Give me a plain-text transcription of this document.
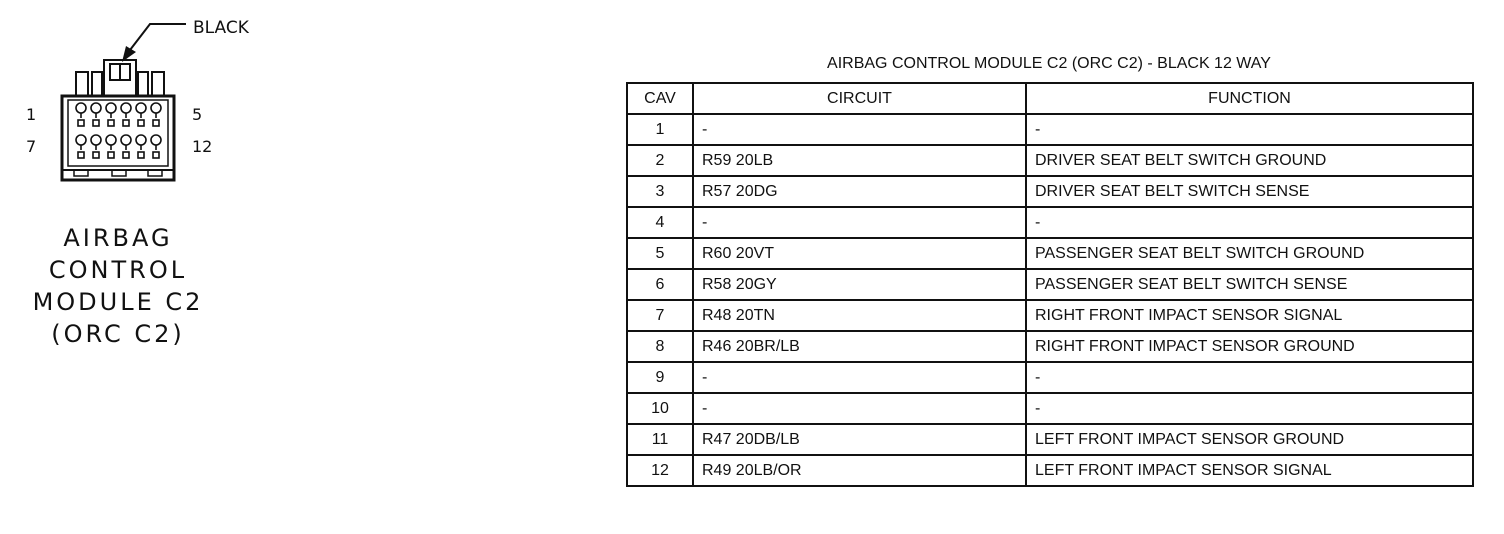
BLACK
1	5
7	12
AIRBAG
CONTROL
MODULE C2
(ORC C2)
AIRBAG CONTROL MODULE C2 (ORC C2) - BLACK 12 WAY
CAV	CIRCUIT	FUNCTION
1	-	-
2	R59 20LB	DRIVER SEAT BELT SWITCH GROUND
3	R57 20DG	DRIVER SEAT BELT SWITCH SENSE
4	-	-
5	R60 20VT	PASSENGER SEAT BELT SWITCH GROUND
6	R58 20GY	PASSENGER SEAT BELT SWITCH SENSE
7	R48 20TN	RIGHT FRONT IMPACT SENSOR SIGNAL
8	R46 20BR/LB	RIGHT FRONT IMPACT SENSOR GROUND
9	-	-
10	-	-
11	R47 20DB/LB	LEFT FRONT IMPACT SENSOR GROUND
12	R49 20LB/OR	LEFT FRONT IMPACT SENSOR SIGNAL
